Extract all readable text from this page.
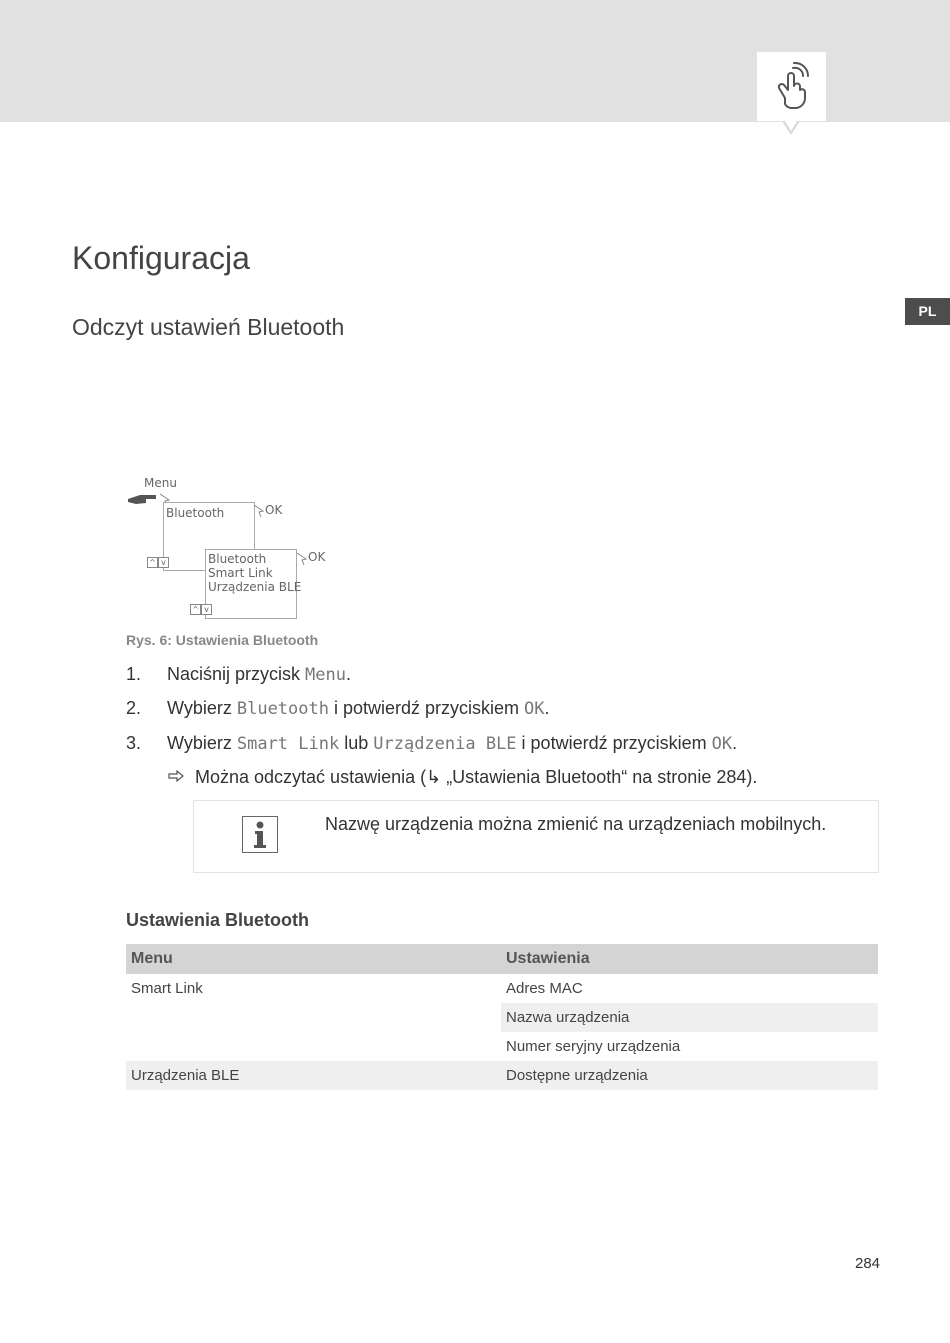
PL
Konfiguracja
Odczyt ustawień Bluetooth
Menu
Bluetooth	OK
^ v	Bluetooth
Smart Link
Urządzenia BLE
OK
^ v
Rys. 6: Ustawienia Bluetooth
1. Naciśnij przycisk Menu.
2. Wybierz Bluetooth i potwierdź przyciskiem OK.
3. Wybierz Smart Link lub Urządzenia BLE i potwierdź przyciskiem OK.
Można odczytać ustawienia (↳ „Ustawienia Bluetooth“ na stronie 284).
Nazwę urządzenia można zmienić na urządzeniach mobilnych.
Ustawienia Bluetooth
Menu	Ustawienia
Smart Link	Adres MAC
	Nazwa urządzenia
	Numer seryjny urządzenia
Urządzenia BLE	Dostępne urządzenia
284
